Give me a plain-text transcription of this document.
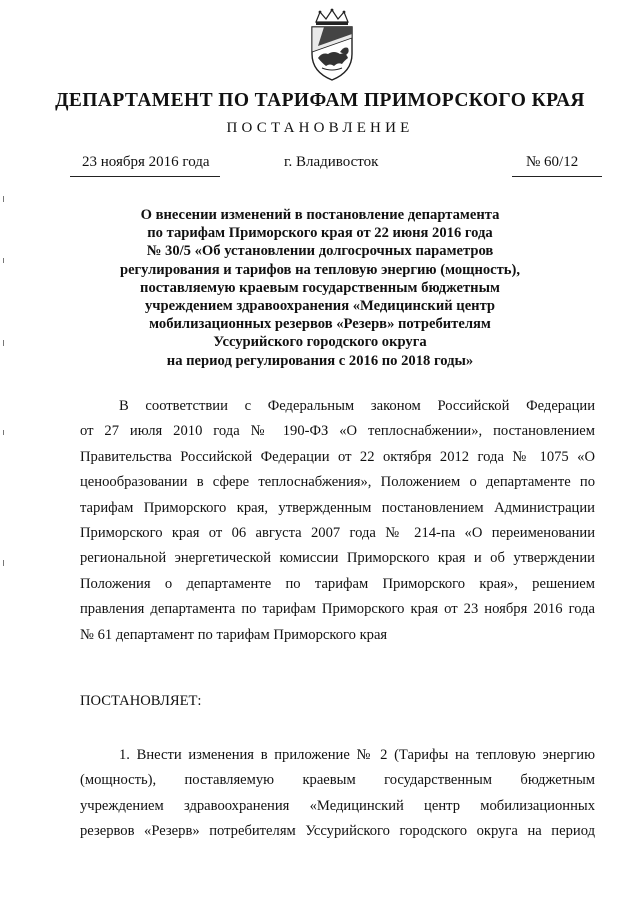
ДЕПАРТАМЕНТ ПО ТАРИФАМ ПРИМОРСКОГО КРАЯ
ПОСТАНОВЛЕНИЕ
23 ноября 2016 года	г. Владивосток	№ 60/12
О внесении изменений в постановление департамента
по тарифам Приморского края от 22 июня 2016 года
№ 30/5 «Об установлении долгосрочных параметров
регулирования и тарифов на тепловую энергию (мощность),
поставляемую краевым государственным бюджетным
учреждением здравоохранения «Медицинский центр
мобилизационных резервов «Резерв» потребителям
Уссурийского городского округа
на период регулирования с 2016 по 2018 годы»
В соответствии с Федеральным законом Российской Федерации
от 27 июля 2010 года № 190-ФЗ «О теплоснабжении», постановлением
Правительства Российской Федерации от 22 октября 2012 года № 1075 «О
ценообразовании в сфере теплоснабжения», Положением о департаменте по
тарифам Приморского края, утвержденным постановлением Администрации
Приморского края от 06 августа 2007 года № 214-па «О переименовании
региональной энергетической комиссии Приморского края и об утверждении
Положения о департаменте по тарифам Приморского края», решением
правления департамента по тарифам Приморского края от 23 ноября 2016 года
№ 61 департамент по тарифам Приморского края
ПОСТАНОВЛЯЕТ:
1. Внести изменения в приложение № 2 (Тарифы на тепловую энергию
(мощность), поставляемую краевым государственным бюджетным
учреждением здравоохранения «Медицинский центр мобилизационных
резервов «Резерв» потребителям Уссурийского городского округа на период
